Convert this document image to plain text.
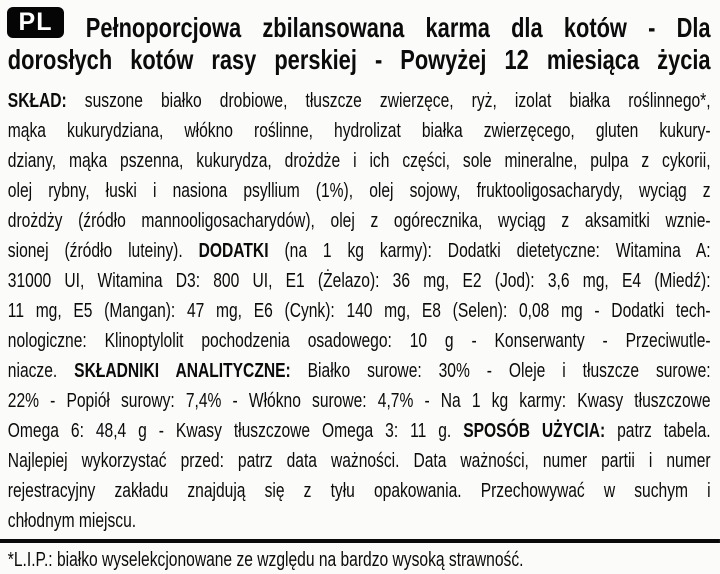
PL Pełnoporcjowa zbilansowana karma dla kotów - Dla
dorosłych kotów rasy perskiej - Powyżej 12 miesiąca życia
SKŁAD: suszone białko drobiowe, tłuszcze zwierzęce, ryż, izolat białka roślinnego*,
mąka kukurydziana, włókno roślinne, hydrolizat białka zwierzęcego, gluten kukury-
dziany, mąka pszenna, kukurydza, drożdże i ich części, sole mineralne, pulpa z cykorii,
olej rybny, łuski i nasiona psyllium (1%), olej sojowy, fruktooligosacharydy, wyciąg z
drożdży (źródło mannooligosacharydów), olej z ogórecznika, wyciąg z aksamitki wznie-
sionej (źródło luteiny). DODATKI (na 1 kg karmy): Dodatki dietetyczne: Witamina A:
31000 UI, Witamina D3: 800 UI, E1 (Żelazo): 36 mg, E2 (Jod): 3,6 mg, E4 (Miedź):
11 mg, E5 (Mangan): 47 mg, E6 (Cynk): 140 mg, E8 (Selen): 0,08 mg - Dodatki tech-
nologiczne: Klinoptylolit pochodzenia osadowego: 10 g - Konserwanty - Przeciwutle-
niacze. SKŁADNIKI ANALITYCZNE: Białko surowe: 30% - Oleje i tłuszcze surowe:
22% - Popiół surowy: 7,4% - Włókno surowe: 4,7% - Na 1 kg karmy: Kwasy tłuszczowe
Omega 6: 48,4 g - Kwasy tłuszczowe Omega 3: 11 g. SPOSÓB UŻYCIA: patrz tabela.
Najlepiej wykorzystać przed: patrz data ważności. Data ważności, numer partii i numer
rejestracyjny zakładu znajdują się z tyłu opakowania. Przechowywać w suchym i
chłodnym miejscu.
*L.I.P.: białko wyselekcjonowane ze względu na bardzo wysoką strawność.
